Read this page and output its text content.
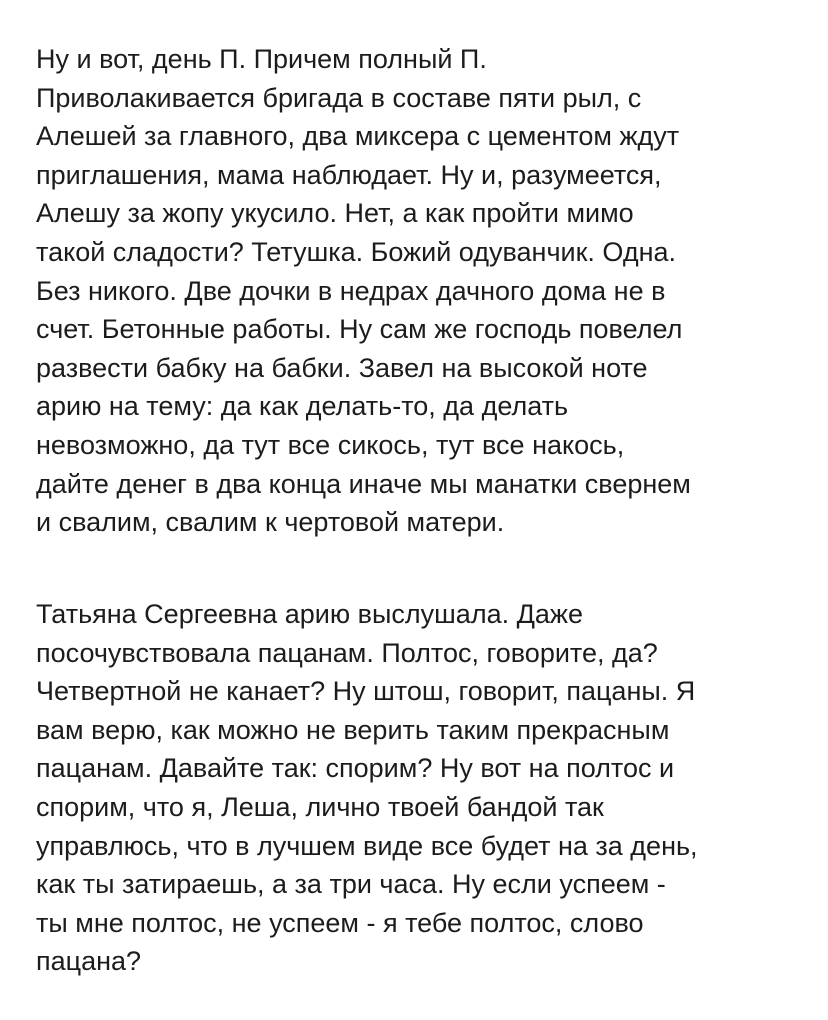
Ну и вот, день П. Причем полный П.
Приволакивается бригада в составе пяти рыл, с
Алешей за главного, два миксера с цементом ждут
приглашения, мама наблюдает. Ну и, разумеется,
Алешу за жопу укусило. Нет, а как пройти мимо
такой сладости? Тетушка. Божий одуванчик. Одна.
Без никого. Две дочки в недрах дачного дома не в
счет. Бетонные работы. Ну сам же господь повелел
развести бабку на бабки. Завел на высокой ноте
арию на тему: да как делать-то, да делать
невозможно, да тут все сикось, тут все накось,
дайте денег в два конца иначе мы манатки свернем
и свалим, свалим к чертовой матери.

Татьяна Сергеевна арию выслушала. Даже
посочувствовала пацанам. Полтос, говорите, да?
Четвертной не канает? Ну штош, говорит, пацаны. Я
вам верю, как можно не верить таким прекрасным
пацанам. Давайте так: спорим? Ну вот на полтос и
спорим, что я, Леша, лично твоей бандой так
управлюсь, что в лучшем виде все будет на за день,
как ты затираешь, а за три часа. Ну если успеем -
ты мне полтос, не успеем - я тебе полтос, слово
пацана?
